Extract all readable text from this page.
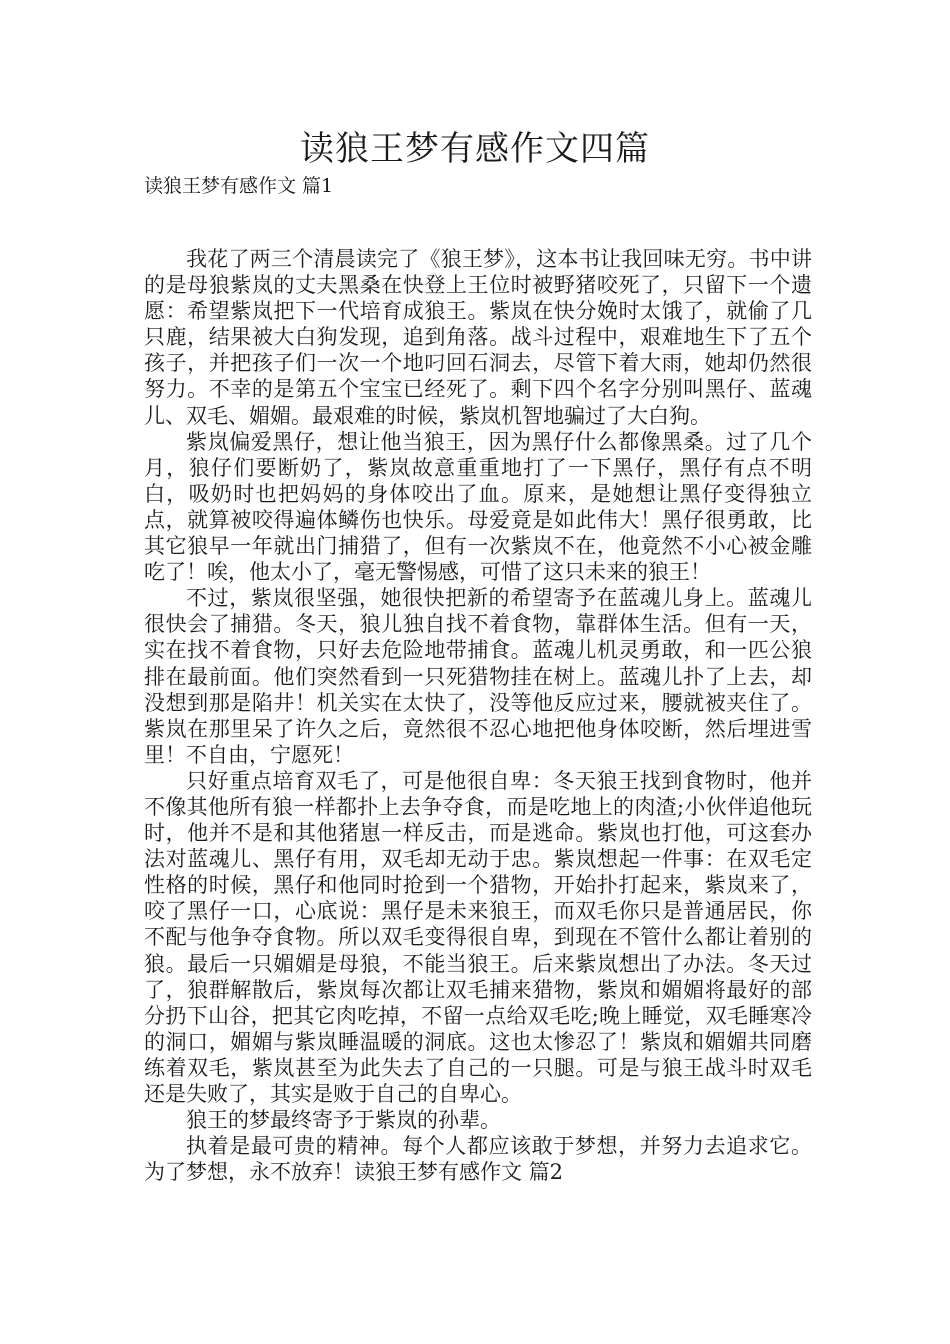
读狼王梦有感作文四篇
读狼王梦有感作文 篇1

我花了两三个清晨读完了《狼王梦》，这本书让我回味无穷。书中讲的是母狼紫岚的丈夫黑桑在快登上王位时被野猪咬死了，只留下一个遗愿：希望紫岚把下一代培育成狼王。紫岚在快分娩时太饿了，就偷了几只鹿，结果被大白狗发现，追到角落。战斗过程中，艰难地生下了五个孩子，并把孩子们一次一个地叼回石洞去，尽管下着大雨，她却仍然很努力。不幸的是第五个宝宝已经死了。剩下四个名字分别叫黑仔、蓝魂儿、双毛、媚媚。最艰难的时候，紫岚机智地骗过了大白狗。

紫岚偏爱黑仔，想让他当狼王，因为黑仔什么都像黑桑。过了几个月，狼仔们要断奶了，紫岚故意重重地打了一下黑仔，黑仔有点不明白，吸奶时也把妈妈的身体咬出了血。原来，是她想让黑仔变得独立点，就算被咬得遍体鳞伤也快乐。母爱竟是如此伟大！黑仔很勇敢，比其它狼早一年就出门捕猎了，但有一次紫岚不在，他竟然不小心被金雕吃了！唉，他太小了，毫无警惕感，可惜了这只未来的狼王！

不过，紫岚很坚强，她很快把新的希望寄予在蓝魂儿身上。蓝魂儿很快会了捕猎。冬天，狼儿独自找不着食物，靠群体生活。但有一天，实在找不着食物，只好去危险地带捕食。蓝魂儿机灵勇敢，和一匹公狼排在最前面。他们突然看到一只死猎物挂在树上。蓝魂儿扑了上去，却没想到那是陷井！机关实在太快了，没等他反应过来，腰就被夹住了。紫岚在那里呆了许久之后，竟然很不忍心地把他身体咬断，然后埋进雪里！不自由，宁愿死！

只好重点培育双毛了，可是他很自卑：冬天狼王找到食物时，他并不像其他所有狼一样都扑上去争夺食，而是吃地上的肉渣;小伙伴追他玩时，他并不是和其他猪崽一样反击，而是逃命。紫岚也打他，可这套办法对蓝魂儿、黑仔有用，双毛却无动于忠。紫岚想起一件事：在双毛定性格的时候，黑仔和他同时抢到一个猎物，开始扑打起来，紫岚来了，咬了黑仔一口，心底说：黑仔是未来狼王，而双毛你只是普通居民，你不配与他争夺食物。所以双毛变得很自卑，到现在不管什么都让着别的狼。最后一只媚媚是母狼，不能当狼王。后来紫岚想出了办法。冬天过了，狼群解散后，紫岚每次都让双毛捕来猎物，紫岚和媚媚将最好的部分扔下山谷，把其它肉吃掉，不留一点给双毛吃;晚上睡觉，双毛睡寒冷的洞口，媚媚与紫岚睡温暖的洞底。这也太惨忍了！紫岚和媚媚共同磨练着双毛，紫岚甚至为此失去了自己的一只腿。可是与狼王战斗时双毛还是失败了，其实是败于自己的自卑心。

狼王的梦最终寄予于紫岚的孙辈。

执着是最可贵的精神。每个人都应该敢于梦想，并努力去追求它。为了梦想，永不放弃！读狼王梦有感作文 篇2
